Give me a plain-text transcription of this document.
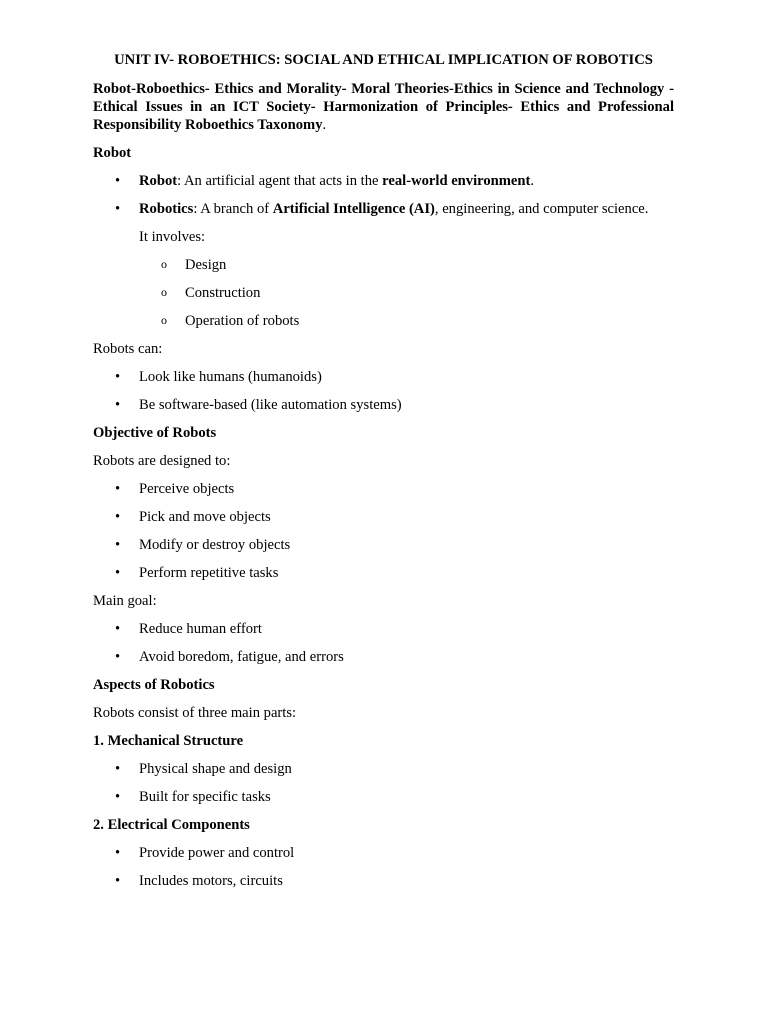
UNIT IV- ROBOETHICS: SOCIAL AND ETHICAL IMPLICATION OF ROBOTICS

Robot-Roboethics- Ethics and Morality- Moral Theories-Ethics in Science and Technology - Ethical Issues in an ICT Society- Harmonization of Principles- Ethics and Professional Responsibility Roboethics Taxonomy.

Robot

• Robot: An artificial agent that acts in the real-world environment.
• Robotics: A branch of Artificial Intelligence (AI), engineering, and computer science.

It involves:

o Design
o Construction
o Operation of robots

Robots can:

• Look like humans (humanoids)
• Be software-based (like automation systems)

Objective of Robots

Robots are designed to:

• Perceive objects
• Pick and move objects
• Modify or destroy objects
• Perform repetitive tasks

Main goal:

• Reduce human effort
• Avoid boredom, fatigue, and errors

Aspects of Robotics

Robots consist of three main parts:

1. Mechanical Structure

• Physical shape and design
• Built for specific tasks

2. Electrical Components

• Provide power and control
• Includes motors, circuits
